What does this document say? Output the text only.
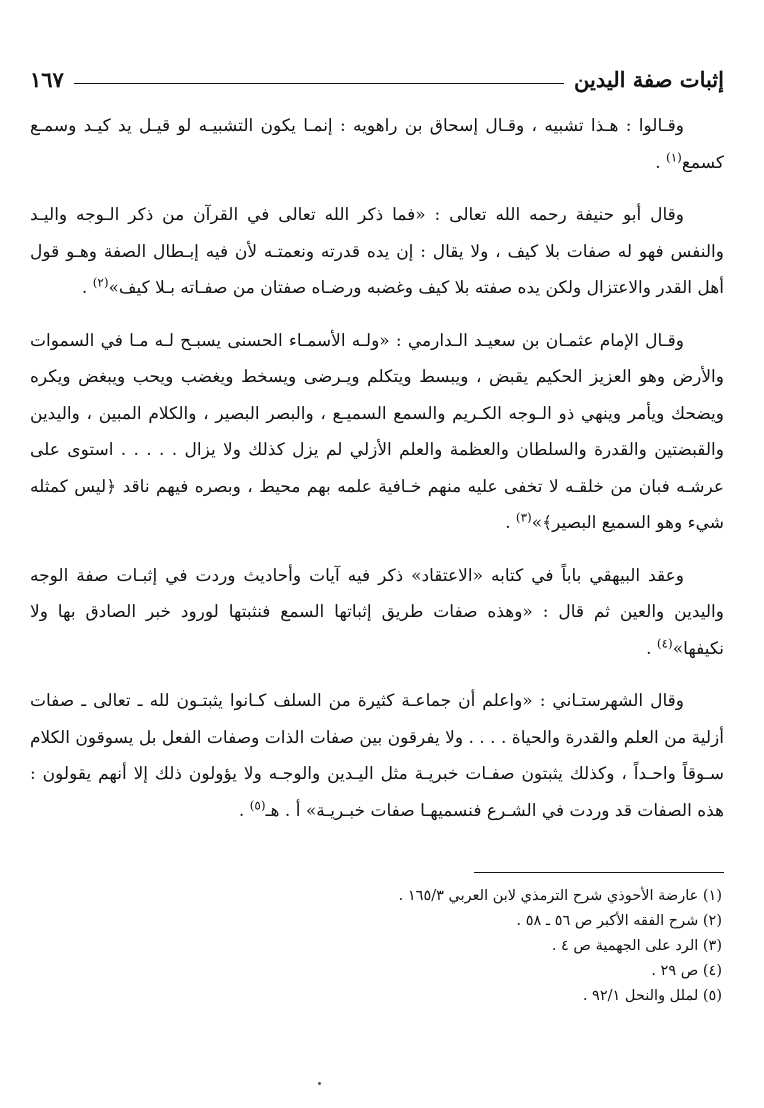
إثبات صفة اليدين
١٦٧

وقـالوا : هـذا تشبيه ، وقـال إسحاق بن راهويه : إنمـا يكون التشبيـه لو قيـل يد كيـد وسمـع كسمع$^{(١)}$ .

وقال أبو حنيفة رحمه الله تعالى : «فما ذكر الله تعالى في القرآن من ذكر الـوجه واليـد والنفس فهو له صفات بلا كيف ، ولا يقال : إن يده قدرته ونعمتـه لأن فيه إبـطال الصفة وهـو قول أهل القدر والاعتزال ولكن يده صفته بلا كيف وغضبه ورضـاه صفتان من صفـاته بـلا كيف»$^{(٢)}$ .

وقـال الإمام عثمـان بن سعيـد الـدارمي : «ولـه الأسمـاء الحسنى يسبـح لـه مـا في السموات والأرض وهو العزيز الحكيم يقبض ، ويبسط ويتكلم ويـرضى ويسخط ويغضب ويحب ويبغض ويكره ويضحك ويأمر وينهي ذو الـوجه الكـريم والسمع السميـع ، والبصر البصير ، والكلام المبين ، واليدين والقبضتين والقدرة والسلطان والعظمة والعلم الأزلي لم يزل كذلك ولا يزال . . . . . استوى على عرشـه فبان من خلقـه لا تخفى عليه منهم خـافية علمه بهم محيط ، وبصره فيهم ناقد ﴿ليس كمثله شيء وهو السميع البصير﴾»$^{(٣)}$ .

وعقد البيهقي باباً في كتابه «الاعتقاد» ذكر فيه آيات وأحاديث وردت في إثبـات صفة الوجه واليدين والعين ثم قال : «وهذه صفات طريق إثباتها السمع فنثبتها لورود خبر الصادق بها ولا نكيفها»$^{(٤)}$ .

وقال الشهرستـاني : «واعلم أن جماعـة كثيرة من السلف كـانوا يثبتـون لله ـ تعالى ـ صفات أزلية من العلم والقدرة والحياة . . . . ولا يفرقون بين صفات الذات وصفات الفعل بل يسوقون الكلام سـوقاً واحـداً ، وكذلك يثبتون صفـات خبريـة مثل اليـدين والوجـه ولا يؤولون ذلك إلا أنهم يقولون : هذه الصفات قد وردت في الشـرع فنسميهـا صفات خبـريـة» أ . هـ$^{(٥)}$ .

(١) عارضة الأحوذي شرح الترمذي لابن العربي ١٦٥/٣ .
(٢) شرح الفقه الأكبر ص ٥٦ ـ ٥٨ .
(٣) الرد على الجهمية ص ٤ .
(٤) ص ٢٩ .
(٥) لملل والنحل ٩٢/١ .
